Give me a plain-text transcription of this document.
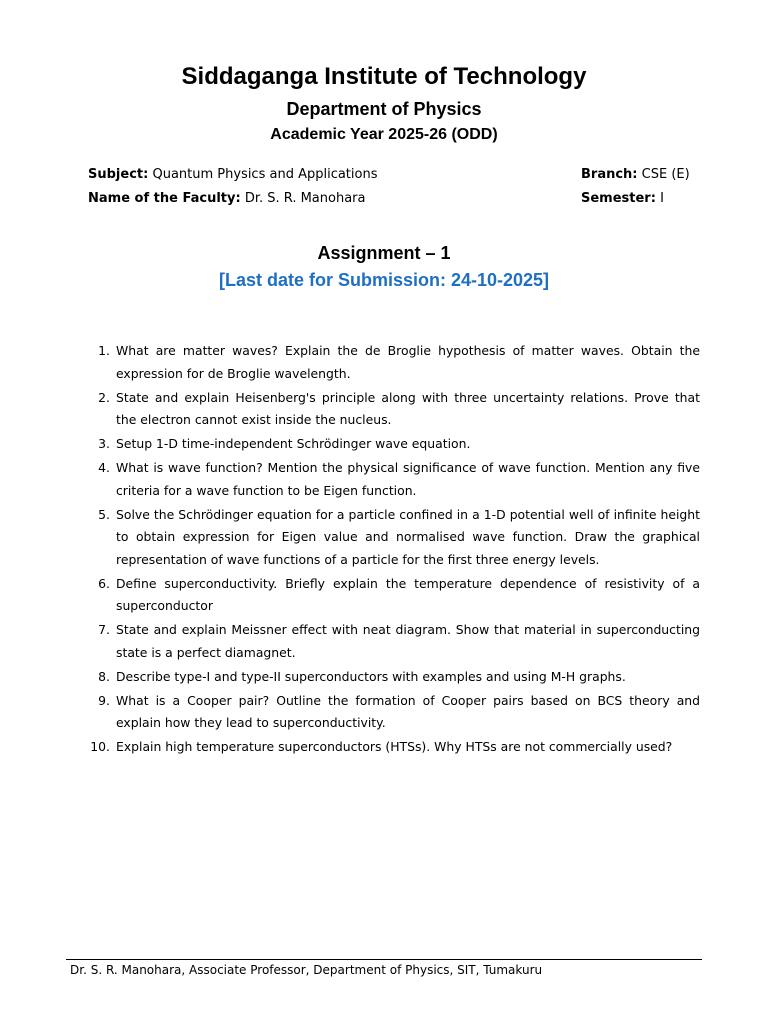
Siddaganga Institute of Technology
Department of Physics
Academic Year 2025-26 (ODD)
Subject: Quantum Physics and Applications
Name of the Faculty: Dr. S. R. Manohara
Branch: CSE (E)
Semester: I
Assignment – 1
[Last date for Submission: 24-10-2025]
1. What are matter waves? Explain the de Broglie hypothesis of matter waves. Obtain the expression for de Broglie wavelength.
2. State and explain Heisenberg's principle along with three uncertainty relations. Prove that the electron cannot exist inside the nucleus.
3. Setup 1-D time-independent Schrödinger wave equation.
4. What is wave function? Mention the physical significance of wave function. Mention any five criteria for a wave function to be Eigen function.
5. Solve the Schrödinger equation for a particle confined in a 1-D potential well of infinite height to obtain expression for Eigen value and normalised wave function. Draw the graphical representation of wave functions of a particle for the first three energy levels.
6. Define superconductivity. Briefly explain the temperature dependence of resistivity of a superconductor
7. State and explain Meissner effect with neat diagram. Show that material in superconducting state is a perfect diamagnet.
8. Describe type-I and type-II superconductors with examples and using M-H graphs.
9. What is a Cooper pair? Outline the formation of Cooper pairs based on BCS theory and explain how they lead to superconductivity.
10. Explain high temperature superconductors (HTSs). Why HTSs are not commercially used?
Dr. S. R. Manohara, Associate Professor, Department of Physics, SIT, Tumakuru
